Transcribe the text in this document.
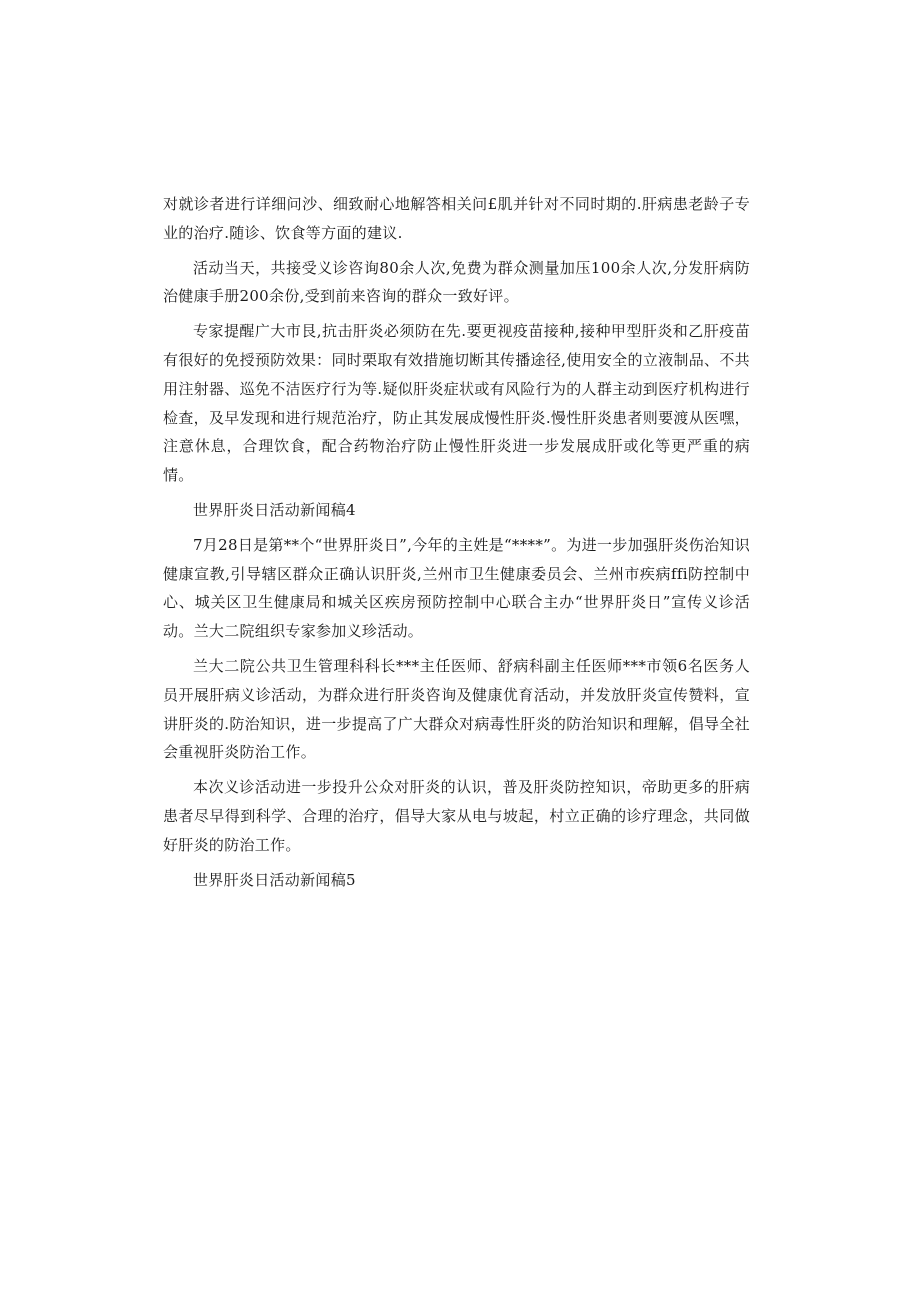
对就诊者进行详细问沙、细致耐心地解答相关问£肌并针对不同时期的.肝病患老龄子专业的治疗.随诊、饮食等方面的建议.

活动当天，共接受义诊咨询80余人次,免费为群众测量加压100余人次,分发肝病防治健康手册200余份,受到前来咨询的群众一致好评。

专家提醒广大市艮,抗击肝炎必须防在先.要更视疫苗接种,接种甲型肝炎和乙肝疫苗有很好的免授预防效果：同时栗取有效措施切断其传播途径,使用安全的立液制品、不共用注射器、巡免不洁医疗行为等.疑似肝炎症状或有风险行为的人群主动到医疗机构进行检查，及早发现和进行规范治疗，防止其发展成慢性肝炎.慢性肝炎患者则要渡从医嘿，注意休息，合理饮食，配合药物治疗防止慢性肝炎进一步发展成肝或化等更严重的病情。

世界肝炎日活动新闻稿4

7月28日是第**个“世界肝炎日”,今年的主姓是“****”。为进一步加强肝炎伤治知识健康宣教,引导辖区群众正确认识肝炎,兰州市卫生健康委员会、兰州市疾病ffi防控制中心、城关区卫生健康局和城关区疾房预防控制中心联合主办“世界肝炎日”宣传义诊活动。兰大二院组织专家参加义珍活动。

兰大二院公共卫生管理科科长***主任医师、舒病科副主任医师***市领6名医务人员开展肝病义诊活动，为群众进行肝炎咨询及健康优育活动，并发放肝炎宣传赞料，宣讲肝炎的.防治知识，进一步提高了广大群众对病毒性肝炎的防治知识和理解，倡导全社会重视肝炎防治工作。

本次义诊活动进一步投升公众对肝炎的认识，普及肝炎防控知识，帝助更多的肝病患者尽早得到科学、合理的治疗，倡导大家从电与坡起，村立正确的诊疗理念，共同做好肝炎的防治工作。

世界肝炎日活动新闻稿5
